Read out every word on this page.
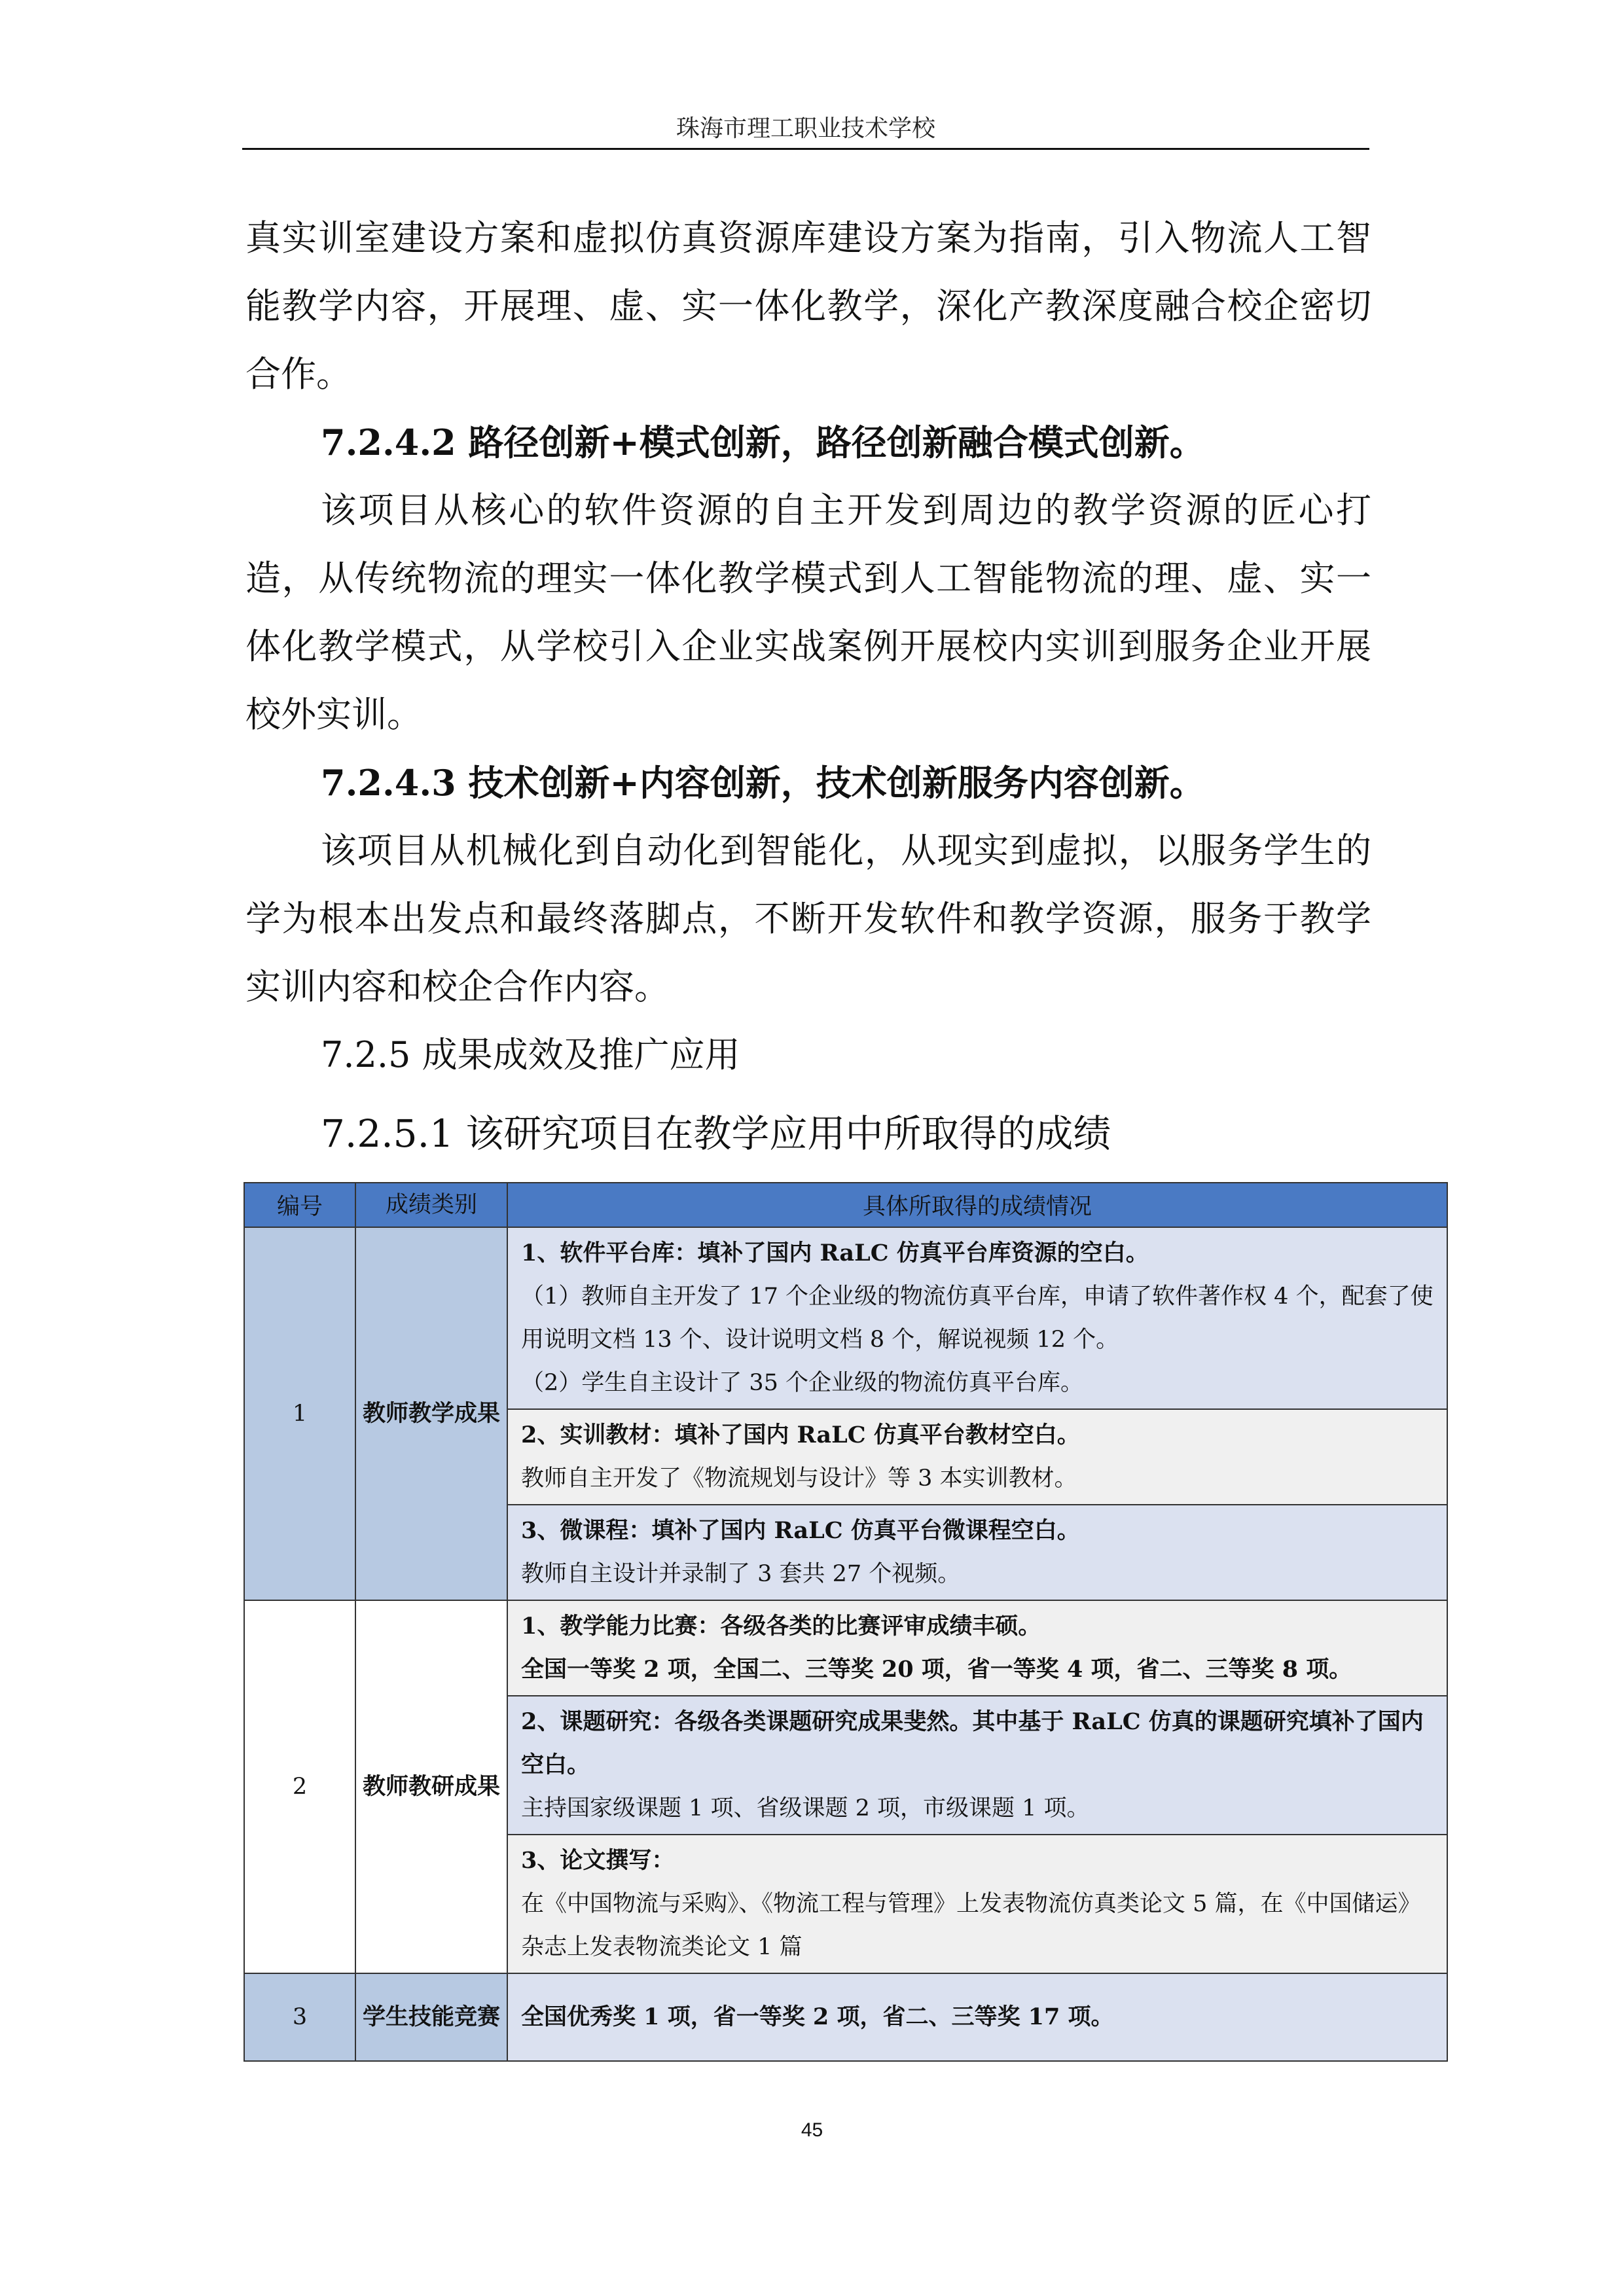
珠海市理工职业技术学校
真实训室建设方案和虚拟仿真资源库建设方案为指南，引入物流人工智能教学内容，开展理、虚、实一体化教学，深化产教深度融合校企密切合作。
7.2.4.2 路径创新+模式创新，路径创新融合模式创新。
该项目从核心的软件资源的自主开发到周边的教学资源的匠心打造，从传统物流的理实一体化教学模式到人工智能物流的理、虚、实一体化教学模式，从学校引入企业实战案例开展校内实训到服务企业开展校外实训。
7.2.4.3 技术创新+内容创新，技术创新服务内容创新。
该项目从机械化到自动化到智能化，从现实到虚拟，以服务学生的学为根本出发点和最终落脚点，不断开发软件和教学资源，服务于教学实训内容和校企合作内容。
7.2.5 成果成效及推广应用
7.2.5.1 该研究项目在教学应用中所取得的成绩
编号	成绩类别	具体所取得的成绩情况
1	教师教学成果	1、软件平台库：填补了国内 RaLC 仿真平台库资源的空白。
（1）教师自主开发了 17 个企业级的物流仿真平台库，申请了软件著作权 4 个，配套了使用说明文档 13 个、设计说明文档 8 个，解说视频 12 个。
（2）学生自主设计了 35 个企业级的物流仿真平台库。

		2、实训教材：填补了国内 RaLC 仿真平台教材空白。
教师自主开发了《物流规划与设计》等 3 本实训教材。

		3、微课程：填补了国内 RaLC 仿真平台微课程空白。
教师自主设计并录制了 3 套共 27 个视频。

2	教师教研成果	1、教学能力比赛：各级各类的比赛评审成绩丰硕。
全国一等奖 2 项，全国二、三等奖 20 项，省一等奖 4 项，省二、三等奖 8 项。

		2、课题研究：各级各类课题研究成果斐然。其中基于 RaLC 仿真的课题研究填补了国内空白。
主持国家级课题 1 项、省级课题 2 项，市级课题 1 项。

		3、论文撰写：
在《中国物流与采购》、《物流工程与管理》上发表物流仿真类论文 5 篇，在《中国储运》杂志上发表物流类论文 1 篇

3	学生技能竞赛	全国优秀奖 1 项，省一等奖 2 项，省二、三等奖 17 项。
45
